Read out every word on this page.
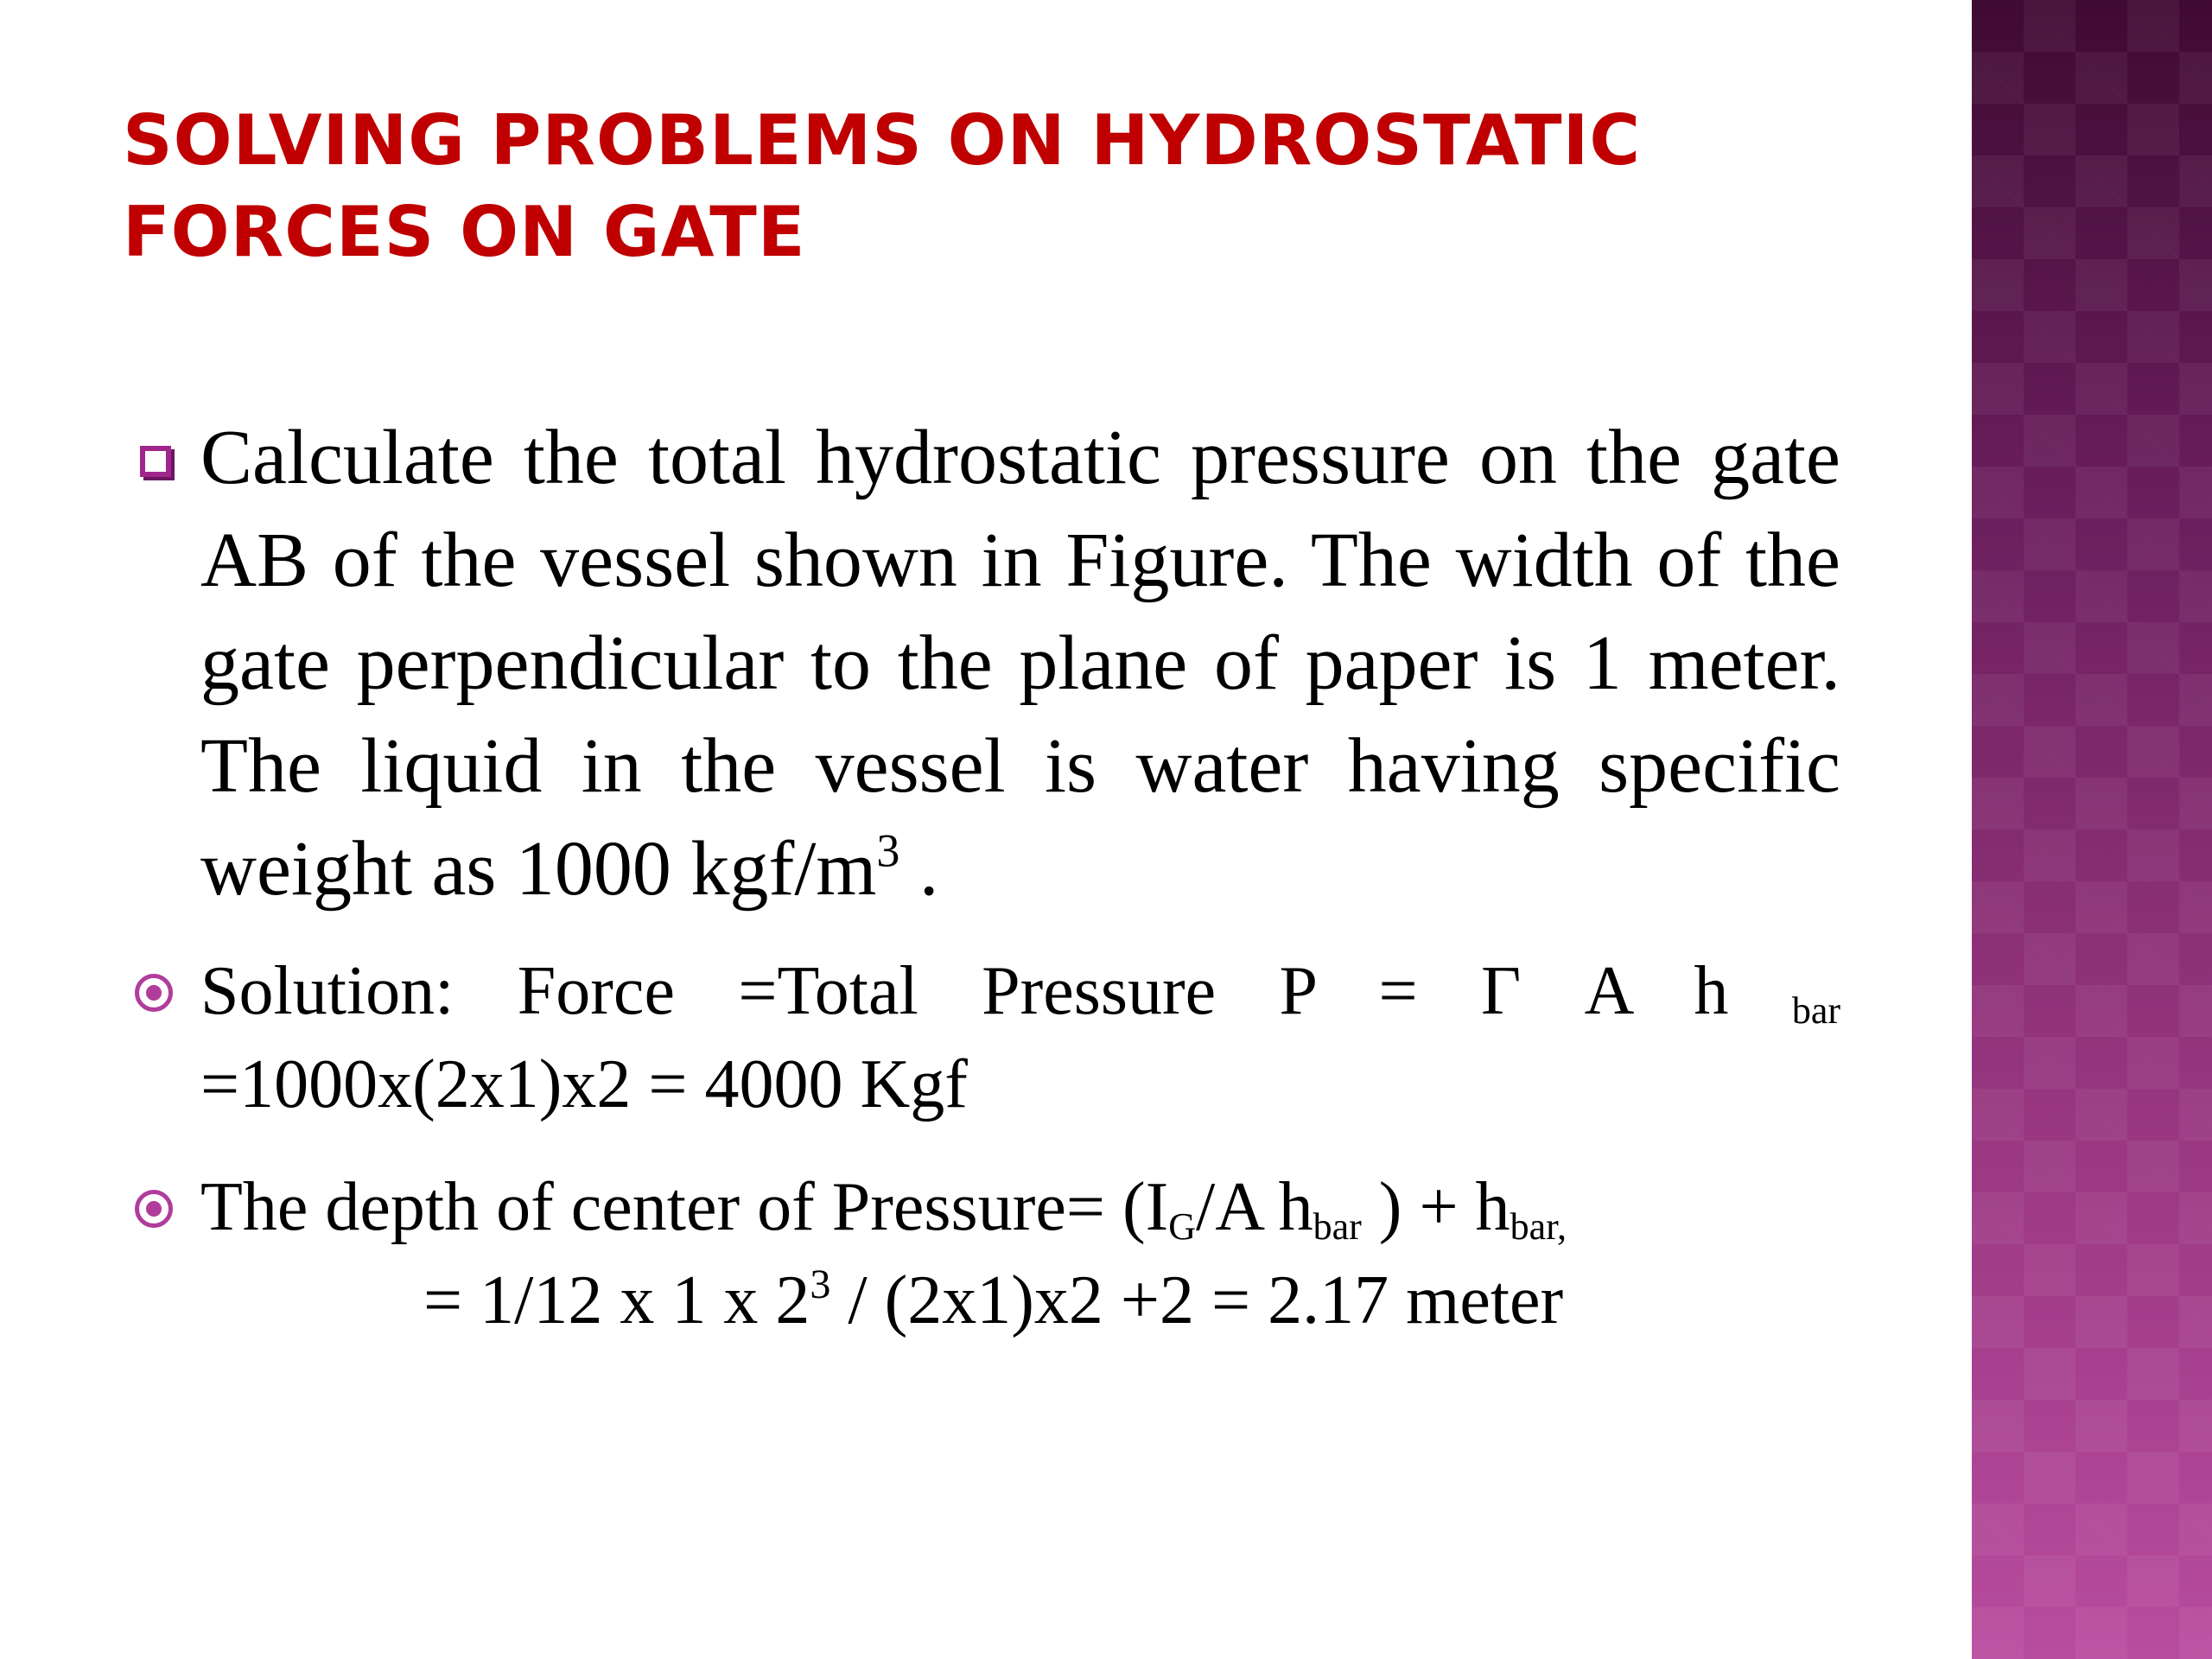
SOLVING PROBLEMS ON HYDROSTATIC FORCES ON GATE
Calculate the total hydrostatic pressure on the gate AB of the vessel shown in Figure. The width of the gate perpendicular to the plane of paper is 1 meter. The liquid in the vessel is water having specific weight as 1000 kgf/$m^3$ .
Solution: Force =Total Pressure P = Γ A h $_{bar}$ =1000x(2x1)x2 = 4000 Kgf
The depth of center of Pressure= ($I_G/A$ $h_{bar}$ ) + $h_{bar,}$
= 1/12 x 1 x $2^3 / (2x1)x2 +2 = 2.17$ meter
